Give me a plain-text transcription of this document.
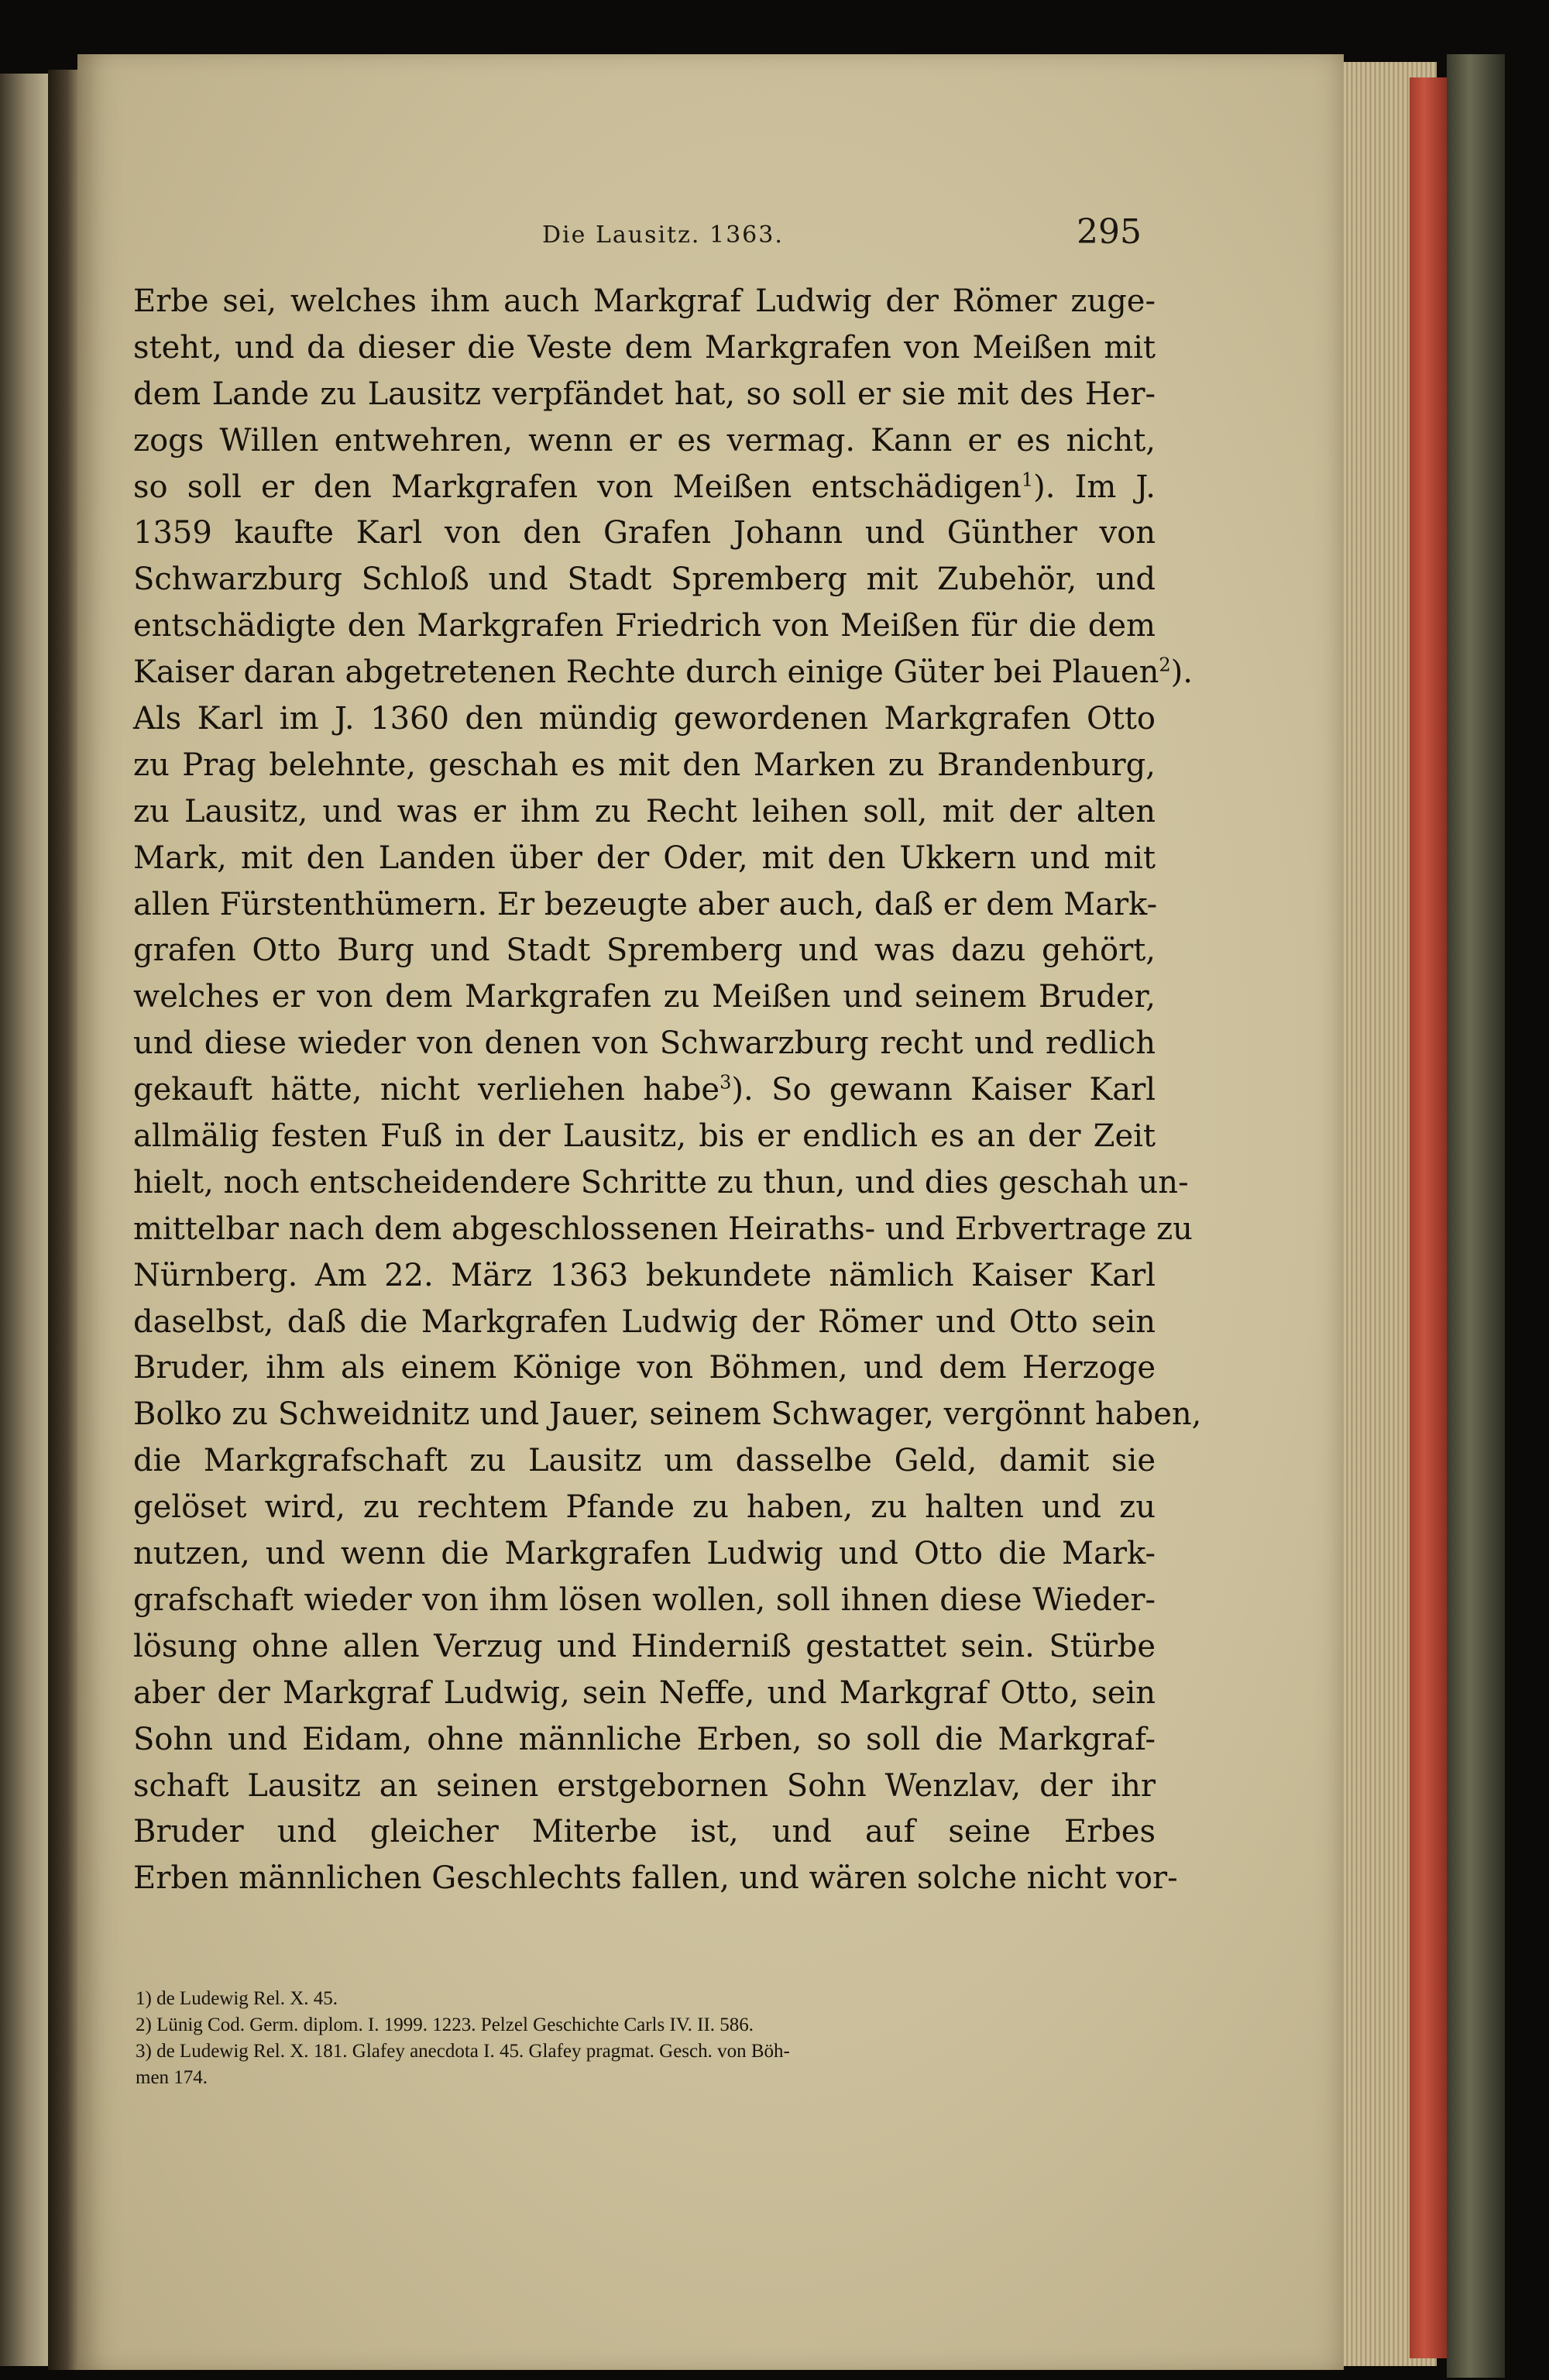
Die Lausitz. 1363.	295
Erbe sei, welches ihm auch Markgraf Ludwig der Römer zuge-
steht, und da dieser die Veste dem Markgrafen von Meißen mit
dem Lande zu Lausitz verpfändet hat, so soll er sie mit des Her-
zogs Willen entwehren, wenn er es vermag. Kann er es nicht,
so soll er den Markgrafen von Meißen entschädigen$^1$). Im J.
1359 kaufte Karl von den Grafen Johann und Günther von
Schwarzburg Schloß und Stadt Spremberg mit Zubehör, und
entschädigte den Markgrafen Friedrich von Meißen für die dem
Kaiser daran abgetretenen Rechte durch einige Güter bei Plauen$^2$).
Als Karl im J. 1360 den mündig gewordenen Markgrafen Otto
zu Prag belehnte, geschah es mit den Marken zu Brandenburg,
zu Lausitz, und was er ihm zu Recht leihen soll, mit der alten
Mark, mit den Landen über der Oder, mit den Ukkern und mit
allen Fürstenthümern. Er bezeugte aber auch, daß er dem Mark-
grafen Otto Burg und Stadt Spremberg und was dazu gehört,
welches er von dem Markgrafen zu Meißen und seinem Bruder,
und diese wieder von denen von Schwarzburg recht und redlich
gekauft hätte, nicht verliehen habe$^3$). So gewann Kaiser Karl
allmälig festen Fuß in der Lausitz, bis er endlich es an der Zeit
hielt, noch entscheidendere Schritte zu thun, und dies geschah un-
mittelbar nach dem abgeschlossenen Heiraths- und Erbvertrage zu
Nürnberg. Am 22. März 1363 bekundete nämlich Kaiser Karl
daselbst, daß die Markgrafen Ludwig der Römer und Otto sein
Bruder, ihm als einem Könige von Böhmen, und dem Herzoge
Bolko zu Schweidnitz und Jauer, seinem Schwager, vergönnt haben,
die Markgrafschaft zu Lausitz um dasselbe Geld, damit sie
gelöset wird, zu rechtem Pfande zu haben, zu halten und zu
nutzen, und wenn die Markgrafen Ludwig und Otto die Mark-
grafschaft wieder von ihm lösen wollen, soll ihnen diese Wieder-
lösung ohne allen Verzug und Hinderniß gestattet sein. Stürbe
aber der Markgraf Ludwig, sein Neffe, und Markgraf Otto, sein
Sohn und Eidam, ohne männliche Erben, so soll die Markgraf-
schaft Lausitz an seinen erstgebornen Sohn Wenzlav, der ihr
Bruder und gleicher Miterbe ist, und auf seine Erbes
Erben männlichen Geschlechts fallen, und wären solche nicht vor-
1) de Ludewig Rel. X. 45.
2) Lünig Cod. Germ. diplom. I. 1999. 1223. Pelzel Geschichte Carls IV. II. 586.
3) de Ludewig Rel. X. 181. Glafey anecdota I. 45. Glafey pragmat. Gesch. von Böh-
men 174.
